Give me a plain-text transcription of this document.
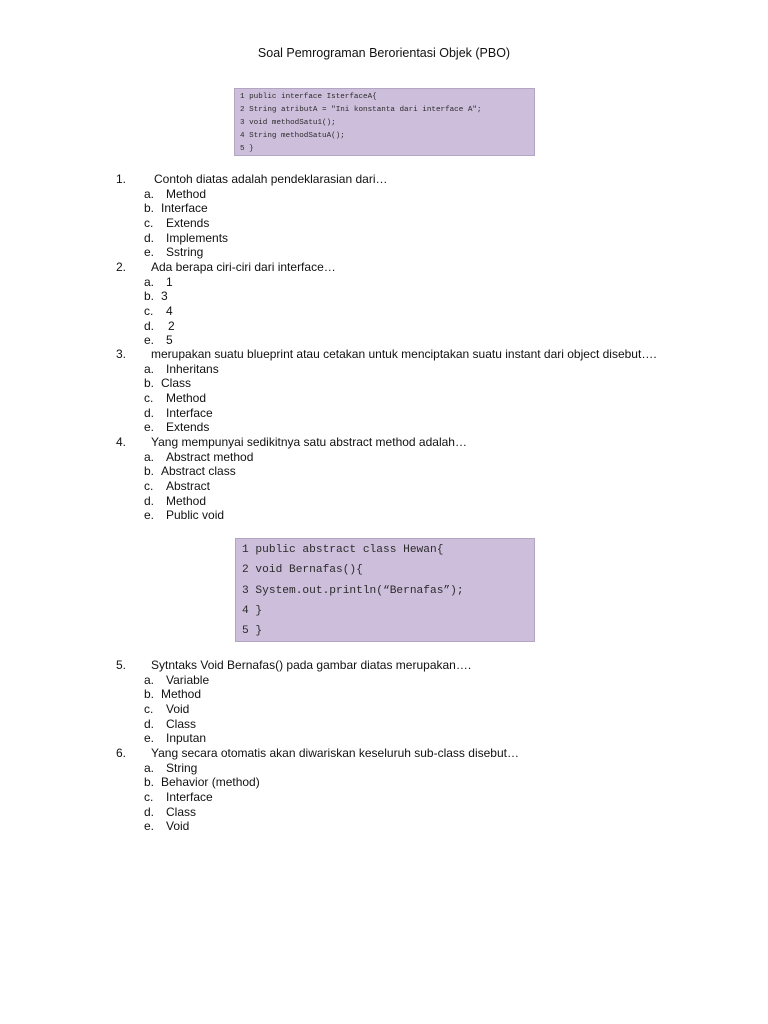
Soal Pemrograman Berorientasi Objek (PBO)
1 public interface IsterfaceA{
2 String atributA = "Ini konstanta dari interface A";
3 void methodSatu1();
4 String methodSatuA();
5 }
1. Contoh diatas adalah pendeklarasian dari…
a. Method
b. Interface
c. Extends
d. Implements
e. Sstring
2. Ada berapa ciri-ciri dari interface…
a. 1
b. 3
c. 4
d. 2
e. 5
3. merupakan suatu blueprint atau cetakan untuk menciptakan suatu instant dari object disebut….
a. Inheritans
b. Class
c. Method
d. Interface
e. Extends
4. Yang mempunyai sedikitnya satu abstract method adalah…
a. Abstract method
b. Abstract class
c. Abstract
d. Method
e. Public void
1 public abstract class Hewan{
2 void Bernafas(){
3 System.out.println(“Bernafas”);
4 }
5 }
5. Sytntaks Void Bernafas() pada gambar diatas merupakan….
a. Variable
b. Method
c. Void
d. Class
e. Inputan
6. Yang secara otomatis akan diwariskan keseluruh sub-class disebut…
a. String
b. Behavior (method)
c. Interface
d. Class
e. Void
